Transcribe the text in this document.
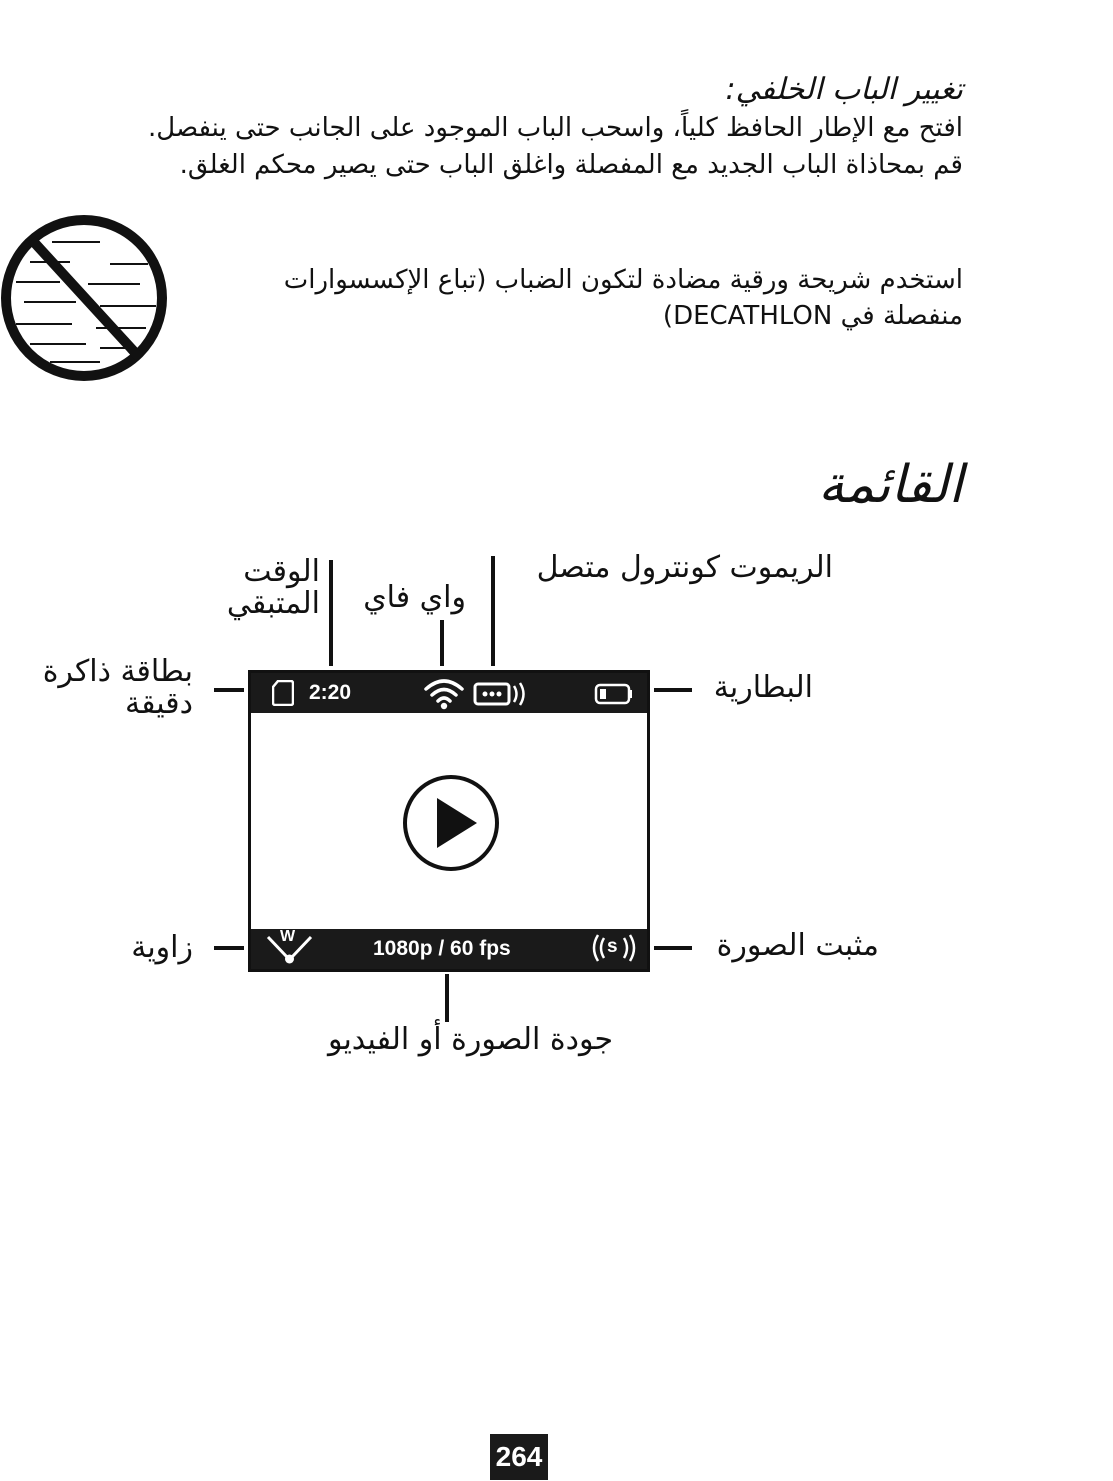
تغيير الباب الخلفي:
افتح مع الإطار الحافظ كلياً، واسحب الباب الموجود على الجانب حتى ينفصل.
قم بمحاذاة الباب الجديد مع المفصلة واغلق الباب حتى يصير محكم الغلق.
استخدم شريحة ورقية مضادة لتكون الضباب (تباع الإكسسوارات منفصلة في DECATHLON)
القائمة
الوقت المتبقي	واي فاي
الريموت كونترول متصل
بطاقة ذاكرة دقيقة	البطارية
زاوية	مثبت الصورة
جودة الصورة أو الفيديو
2:20
W
1080p / 60 fps	s
264
